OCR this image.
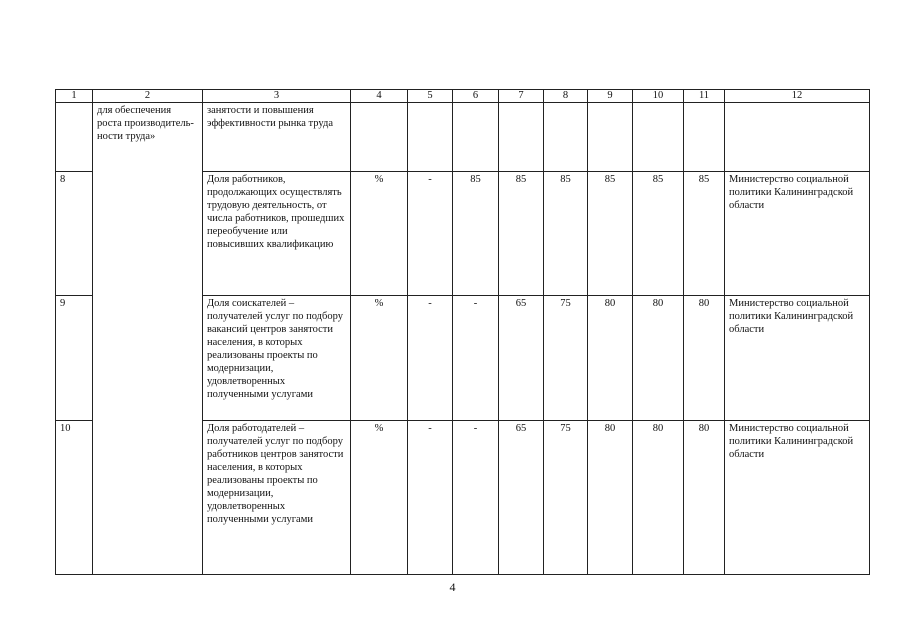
1	2	3	4	5	6	7	8	9	10	11	12
	для обеспечения роста производитель-ности труда»	занятости и повышения эффективности рынка труда									
8		Доля работников, продолжающих осуществлять трудовую деятельность, от числа работников, прошедших переобучение или повысивших квалификацию	%	-	85	85	85	85	85	85	Министерство социальной политики Калининградской области
9		Доля соискателей – получателей услуг по подбору вакансий центров занятости населения, в которых реализованы проекты по модернизации, удовлетворенных полученными услугами	%	-	-	65	75	80	80	80	Министерство социальной политики Калининградской области
10		Доля работодателей – получателей услуг по подбору работников центров занятости населения, в которых реализованы проекты по модернизации, удовлетворенных полученными услугами	%	-	-	65	75	80	80	80	Министерство социальной политики Калининградской области
4
